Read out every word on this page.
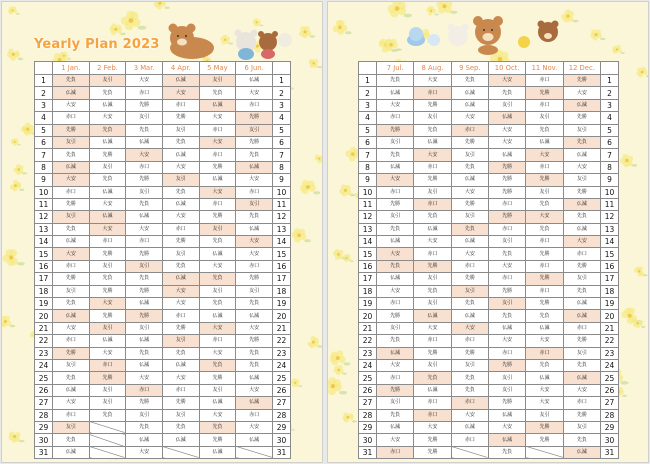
Yearly Plan 2023
	1 Jan.	2 Feb.	3 Mar.	4 Apr.	5 May	6 Jun.	
1	先負	友引	大安	仏滅	友引	仏滅	1
2	仏滅	先負	赤口	大安	先負	大安	2
3	大安	仏滅	先勝	赤口	仏滅	赤口	3
4	赤口	大安	友引	先勝	大安	先勝	4
5	先勝	先負	先負	友引	赤口	友引	5
6	友引	仏滅	仏滅	先負	大安	先勝	6
7	先負	先勝	大安	仏滅	赤口	先負	7
8	仏滅	友引	赤口	大安	先勝	仏滅	8
9	大安	先負	先勝	友引	仏滅	大安	9
10	赤口	仏滅	友引	先負	大安	赤口	10
11	先勝	大安	先負	仏滅	赤口	友引	11
12	友引	仏滅	仏滅	大安	先勝	先負	12
13	先負	大安	大安	赤口	友引	仏滅	13
14	仏滅	赤口	赤口	先勝	先負	大安	14
15	大安	先勝	先勝	友引	仏滅	大安	15
16	赤口	友引	友引	先負	大安	赤口	16
17	先勝	先負	先負	仏滅	先負	先勝	17
18	友引	先勝	先勝	大安	友引	友引	18
19	先負	大安	仏滅	大安	先負	先負	19
20	仏滅	先勝	先勝	赤口	仏滅	仏滅	20
21	大安	友引	友引	先勝	大安	大安	21
22	赤口	仏滅	仏滅	友引	赤口	先勝	22
23	先勝	大安	先負	先負	大安	先負	23
24	友引	赤口	仏滅	仏滅	先負	先負	24
25	先負	先勝	大安	大安	先勝	仏滅	25
26	仏滅	友引	赤口	赤口	友引	大安	26
27	大安	友引	先勝	先勝	仏滅	仏滅	27
28	赤口	先負	友引	友引	大安	赤口	28
29	友引		先負	先負	先負	大安	29
30	先負		仏滅	仏滅	先勝	仏滅	30
31	仏滅		大安		仏滅		31
	7 Jul.	8 Aug.	9 Sep.	10 Oct.	11 Nov.	12 Dec.	
1	先負	大安	先負	大安	赤口	先勝	1
2	仏滅	赤口	仏滅	先負	先勝	大安	2
3	大安	先勝	仏滅	友引	赤口	仏滅	3
4	赤口	友引	大安	仏滅	友引	先勝	4
5	先勝	先負	赤口	大安	先負	友引	5
6	友引	仏滅	先勝	大安	仏滅	先負	6
7	先負	大安	友引	仏滅	大安	仏滅	7
8	仏滅	赤口	先負	先勝	赤口	大安	8
9	大安	先勝	仏滅	先勝	先勝	友引	9
10	赤口	友引	大安	先勝	友引	先勝	10
11	先勝	赤口	先勝	赤口	先負	仏滅	11
12	友引	先負	友引	先勝	大安	先負	12
13	先負	仏滅	先負	赤口	先負	仏滅	13
14	仏滅	大安	仏滅	友引	赤口	大安	14
15	大安	赤口	大安	先負	先勝	赤口	15
16	先負	先勝	赤口	大安	赤口	先勝	16
17	仏滅	友引	先勝	赤口	先勝	友引	17
18	大安	先負	友引	先勝	赤口	先負	18
19	赤口	友引	先負	友引	先勝	仏滅	19
20	先勝	仏滅	仏滅	先負	先負	仏滅	20
21	友引	大安	大安	仏滅	仏滅	赤口	21
22	先負	赤口	赤口	大安	大安	先勝	22
23	仏滅	先勝	先勝	赤口	赤口	友引	23
24	大安	友引	友引	先勝	先負	先負	24
25	赤口	先負	先負	友引	仏滅	仏滅	25
26	先勝	仏滅	先負	友引	大安	大安	26
27	友引	赤口	赤口	先勝	大安	赤口	27
28	先負	赤口	大安	仏滅	友引	先勝	28
29	仏滅	大安	仏滅	大安	先勝	友引	29
30	大安	先勝	赤口	仏滅	先勝	先負	30
31	赤口	先勝		先負		仏滅	31
